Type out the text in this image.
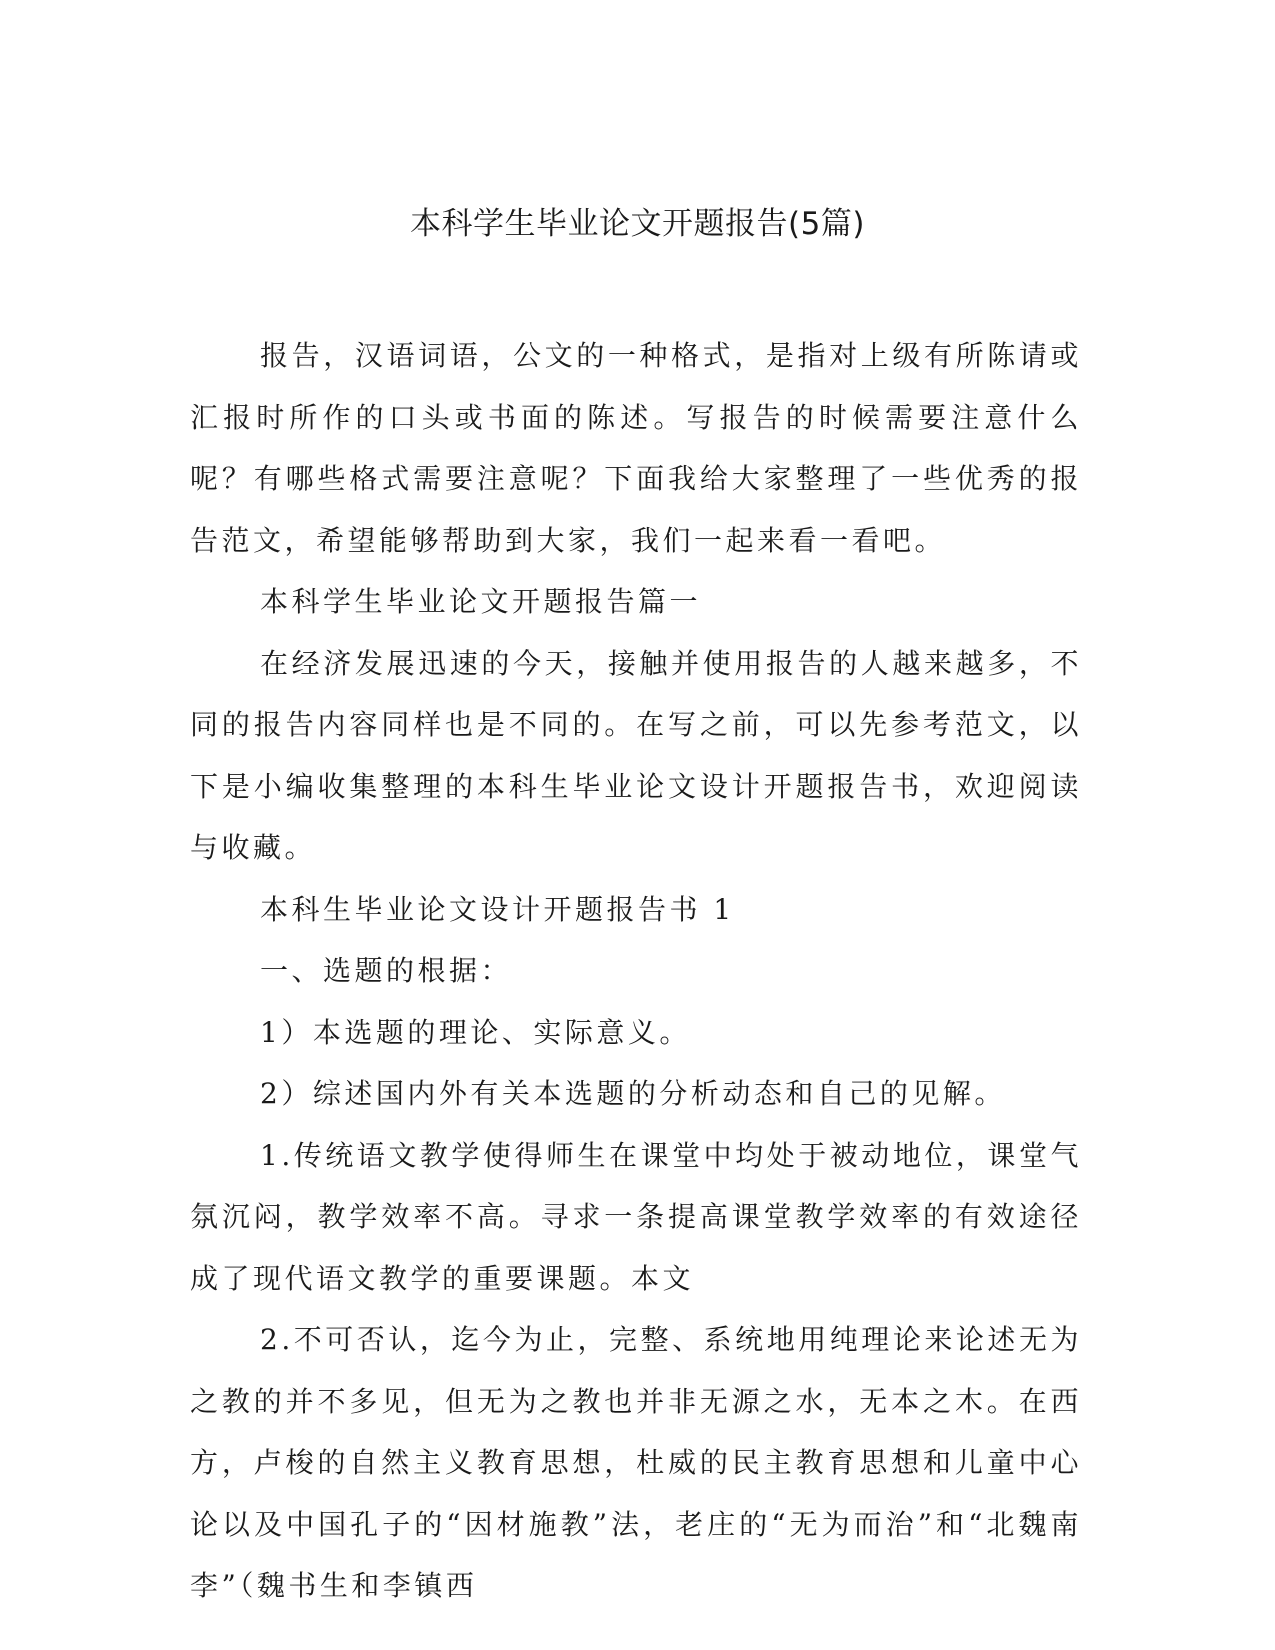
本科学生毕业论文开题报告(5篇)

报告，汉语词语，公文的一种格式，是指对上级有所陈请或汇报时所作的口头或书面的陈述。写报告的时候需要注意什么呢？有哪些格式需要注意呢？下面我给大家整理了一些优秀的报告范文，希望能够帮助到大家，我们一起来看一看吧。

本科学生毕业论文开题报告篇一

在经济发展迅速的今天，接触并使用报告的人越来越多，不同的报告内容同样也是不同的。在写之前，可以先参考范文，以下是小编收集整理的本科生毕业论文设计开题报告书，欢迎阅读与收藏。

本科生毕业论文设计开题报告书 1

一、选题的根据：

1）本选题的理论、实际意义。

2）综述国内外有关本选题的分析动态和自己的见解。

1.传统语文教学使得师生在课堂中均处于被动地位，课堂气氛沉闷，教学效率不高。寻求一条提高课堂教学效率的有效途径成了现代语文教学的重要课题。本文

2.不可否认，迄今为止，完整、系统地用纯理论来论述无为之教的并不多见，但无为之教也并非无源之水，无本之木。在西方，卢梭的自然主义教育思想，杜威的民主教育思想和儿童中心论以及中国孔子的“因材施教”法，老庄的“无为而治”和“北魏南李”（魏书生和李镇西
